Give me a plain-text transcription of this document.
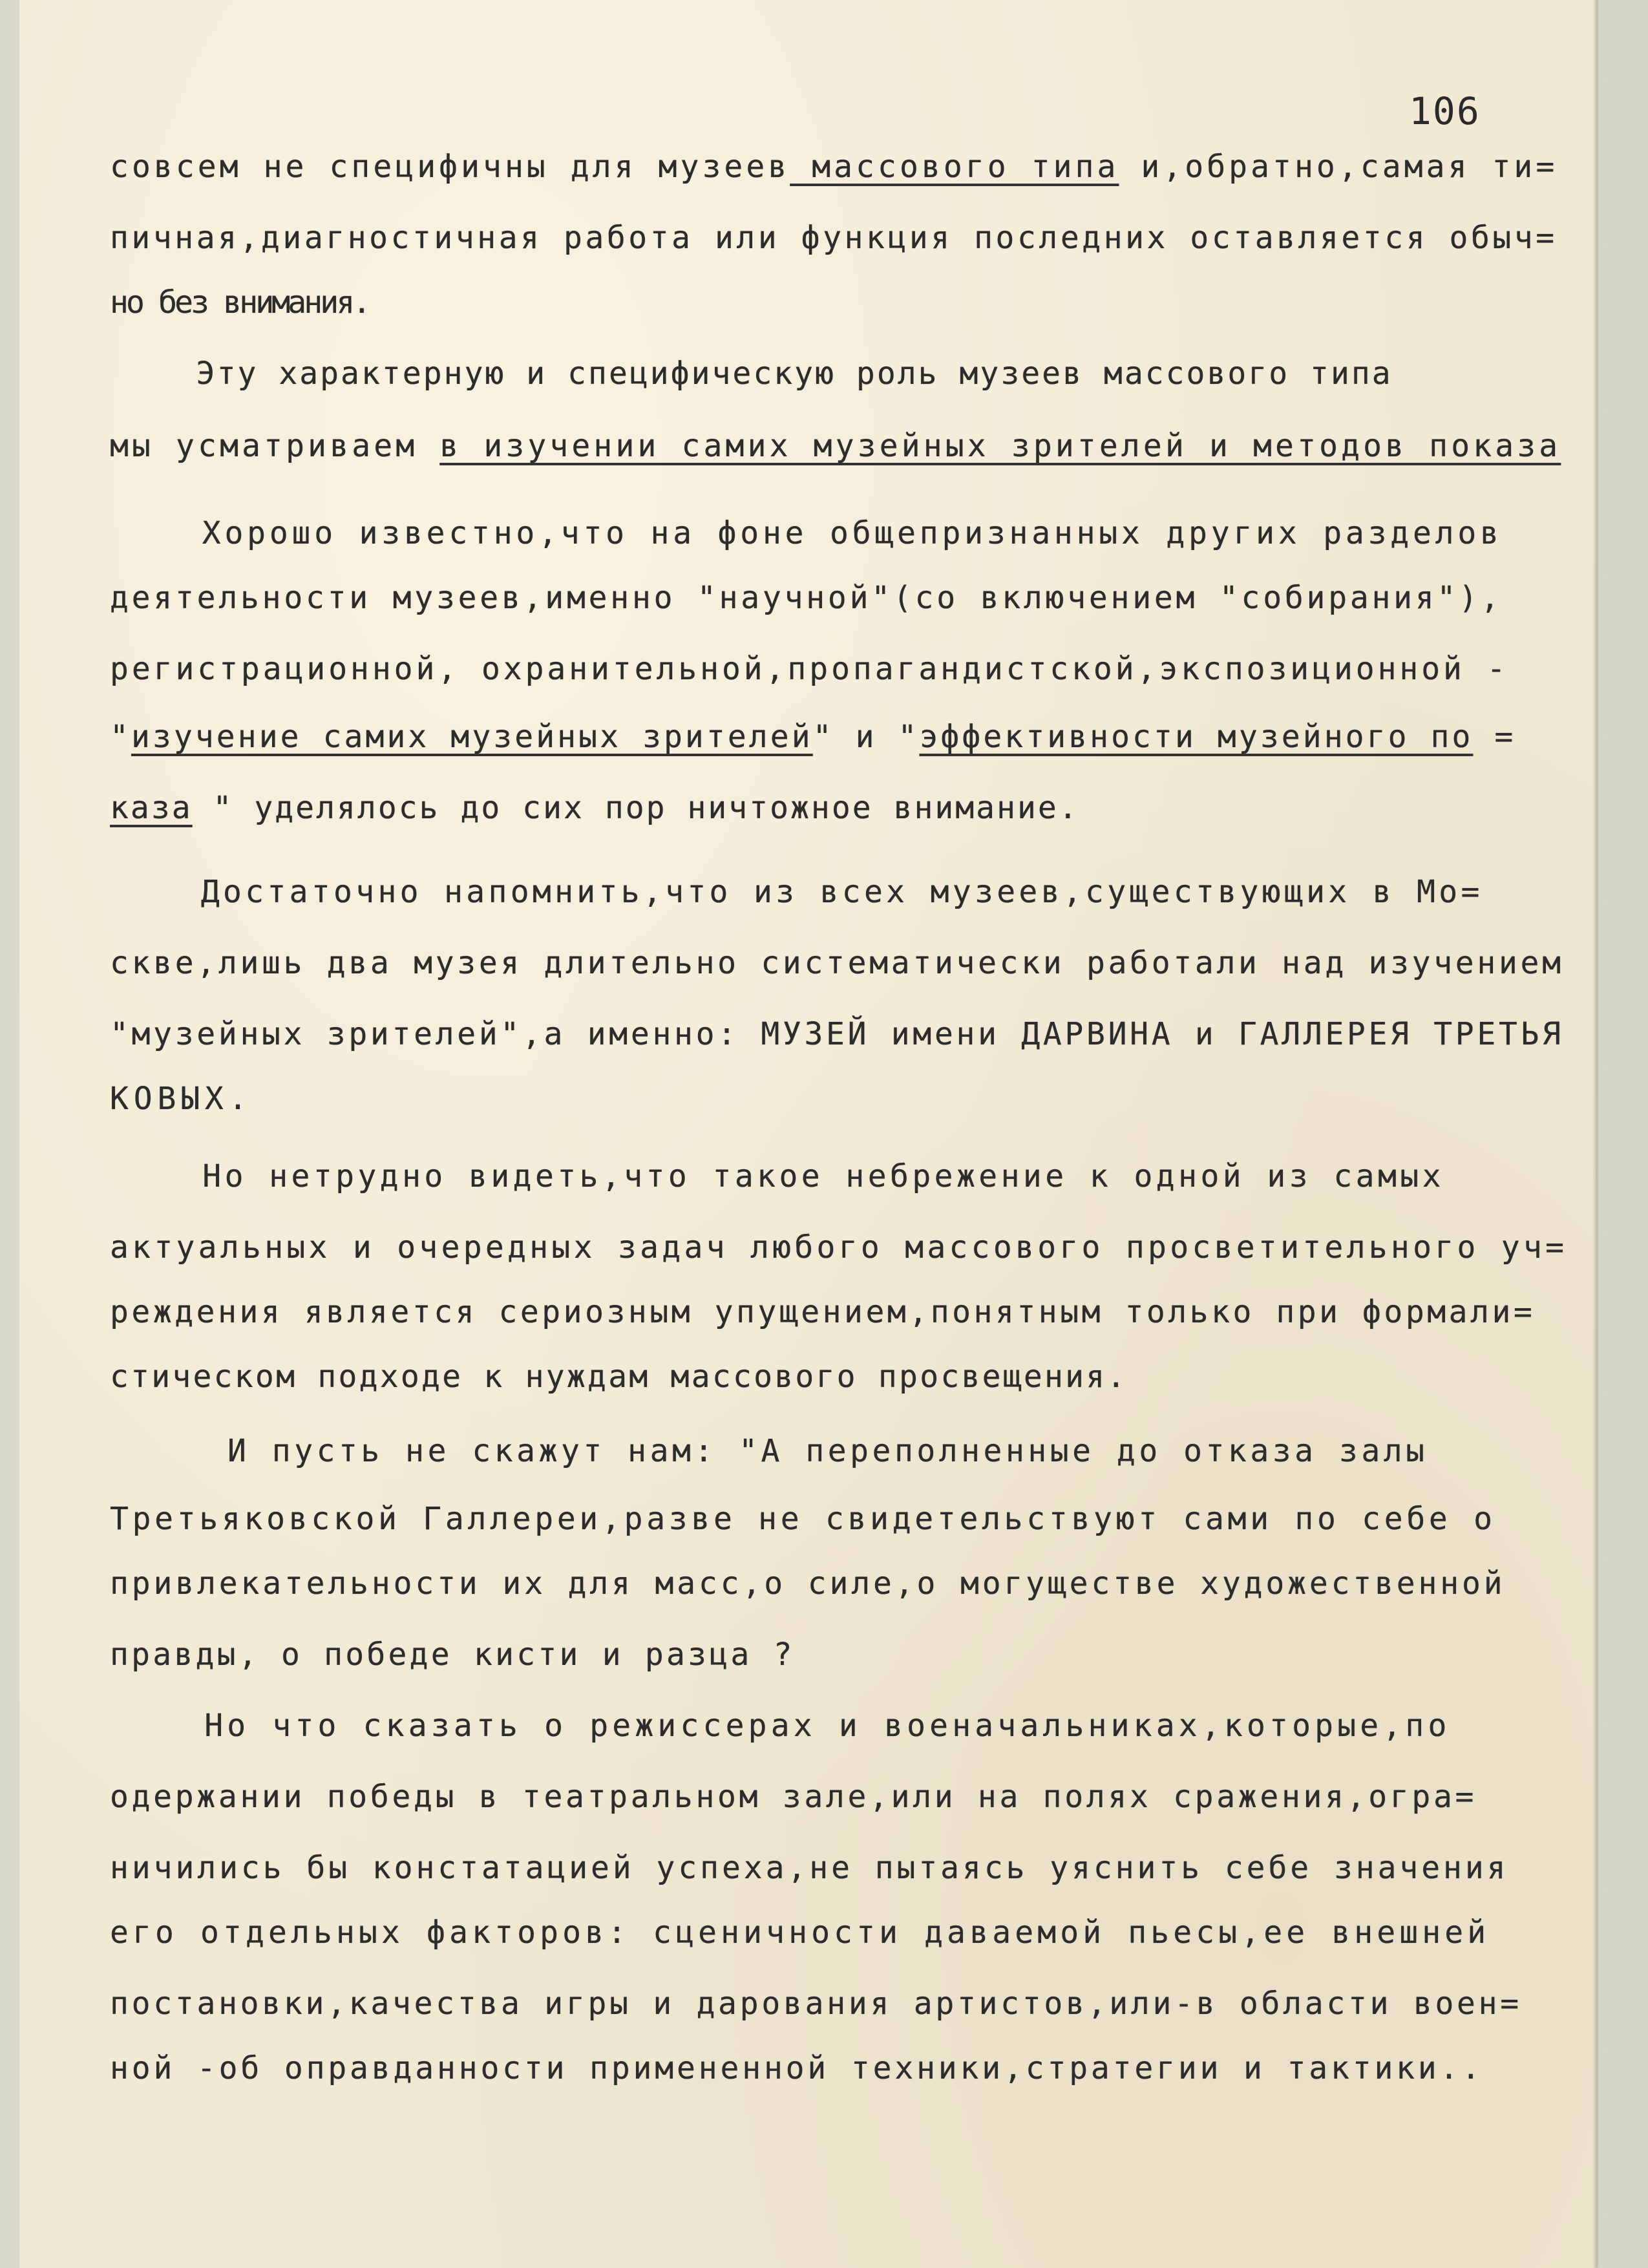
106
совсем не специфичны для музеев массового типа и,обратно,самая ти=
пичная,диагностичная работа или функция последних оставляется обыч=
но без внимания.
Эту характерную и специфическую роль музеев массового типа
мы усматриваем в изучении самих музейных зрителей и методов показа
Хорошо известно,что на фоне общепризнанных других разделов
деятельности музеев,именно "научной"(со включением "собирания"),
регистрационной, охранительной,пропагандистской,экспозиционной -
"изучение самих музейных зрителей" и "эффективности музейного по =
каза " уделялось до сих пор ничтожное внимание.
Достаточно напомнить,что из всех музеев,существующих в Мо=
скве,лишь два музея длительно систематически работали над изучением
"музейных зрителей",а именно: МУЗЕЙ имени ДАРВИНА и ГАЛЛЕРЕЯ ТРЕТЬЯ
КОВЫХ.
Но нетрудно видеть,что такое небрежение к одной из самых
актуальных и очередных задач любого массового просветительного уч=
реждения является сериозным упущением,понятным только при формали=
стическом подходе к нуждам массового просвещения.
И пусть не скажут нам: "А переполненные до отказа залы
Третьяковской Галлереи,разве не свидетельствуют сами по себе о
привлекательности их для масс,о силе,о могуществе художественной
правды, о победе кисти и разца ?
Но что сказать о режиссерах и военачальниках,которые,по
одержании победы в театральном зале,или на полях сражения,огра=
ничились бы констатацией успеха,не пытаясь уяснить себе значения
его отдельных факторов: сценичности даваемой пьесы,ее внешней
постановки,качества игры и дарования артистов,или-в области воен=
ной -об оправданности примененной техники,стратегии и тактики..
